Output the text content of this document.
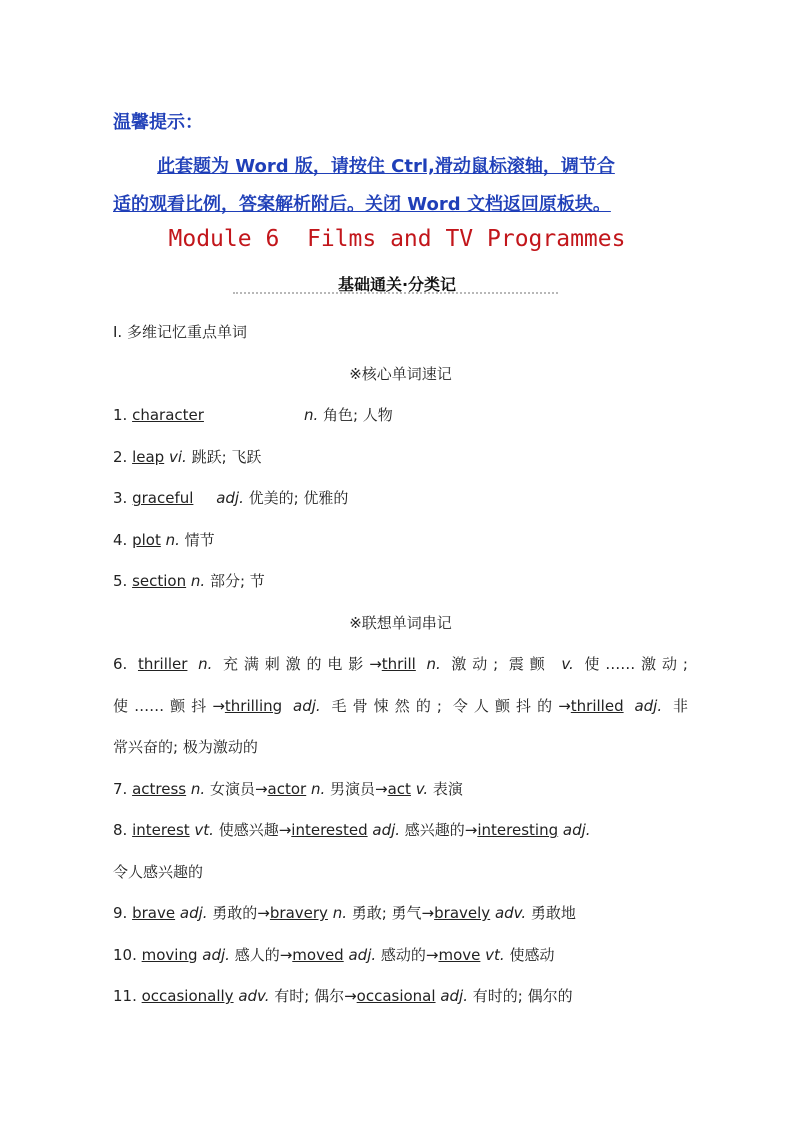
温馨提示：
此套题为 Word 版，请按住 Ctrl,滑动鼠标滚轴，调节合
适的观看比例，答案解析附后。关闭 Word 文档返回原板块。
Module 6  Films and TV Programmes
基础通关·分类记
Ⅰ. 多维记忆重点单词
※核心单词速记
1. character	n. 角色; 人物
2. leap vi. 跳跃; 飞跃
3. graceful adj. 优美的; 优雅的
4. plot n. 情节
5. section n. 部分; 节
※联想单词串记
6. thriller n. 充满刺激的电影→thrill n. 激动; 震颤 v. 使……激动;
使……颤抖→thrilling adj. 毛骨悚然的; 令人颤抖的→thrilled adj. 非
常兴奋的; 极为激动的
7. actress n. 女演员→actor n. 男演员→act v. 表演
8. interest vt. 使感兴趣→interested adj. 感兴趣的→interesting adj.
令人感兴趣的
9. brave adj. 勇敢的→bravery n. 勇敢; 勇气→bravely adv. 勇敢地
10. moving adj. 感人的→moved adj. 感动的→move vt. 使感动
11. occasionally adv. 有时; 偶尔→occasional adj. 有时的; 偶尔的
